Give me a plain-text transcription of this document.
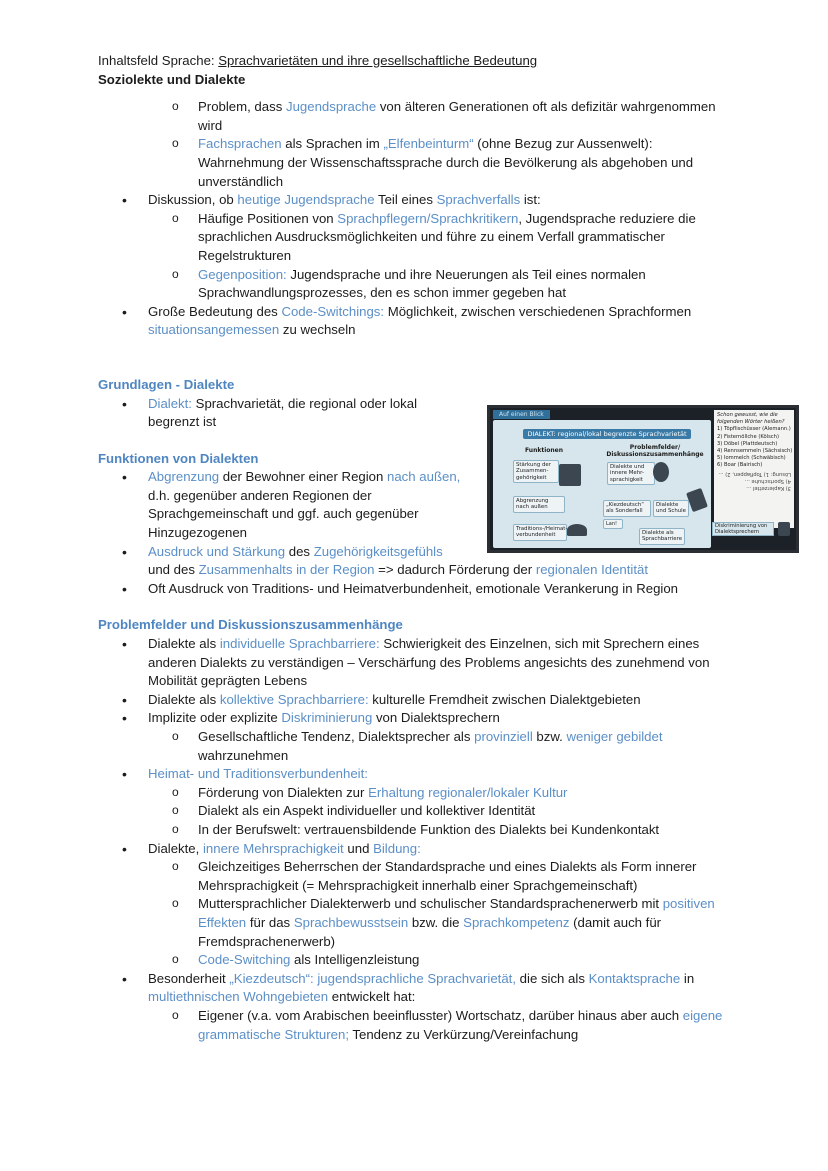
Inhaltsfeld Sprache: Sprachvarietäten und ihre gesellschaftliche Bedeutung
Soziolekte und Dialekte
o Problem, dass Jugendsprache von älteren Generationen oft als defizitär wahrgenommen wird
o Fachsprachen als Sprachen im „Elfenbeinturm“ (ohne Bezug zur Aussenwelt): Wahrnehmung der Wissenschaftssprache durch die Bevölkerung als abgehoben und unverständlich
• Diskussion, ob heutige Jugendsprache Teil eines Sprachverfalls ist:
o Häufige Positionen von Sprachpflegern/Sprachkritikern, Jugendsprache reduziere die sprachlichen Ausdrucksmöglichkeiten und führe zu einem Verfall grammatischer Regelstrukturen
o Gegenposition: Jugendsprache und ihre Neuerungen als Teil eines normalen Sprachwandlungsprozesses, den es schon immer gegeben hat
• Große Bedeutung des Code-Switchings: Möglichkeit, zwischen verschiedenen Sprachformen situationsangemessen zu wechseln
Grundlagen - Dialekte
• Dialekt: Sprachvarietät, die regional oder lokal begrenzt ist
Funktionen von Dialekten
• Abgrenzung der Bewohner einer Region nach außen, d.h. gegenüber anderen Regionen der Sprachgemeinschaft und ggf. auch gegenüber Hinzugezogenen
• Ausdruck und Stärkung des Zugehörigkeitsgefühls
und des Zusammenhalts in der Region => dadurch Förderung der regionalen Identität
• Oft Ausdruck von Traditions- und Heimatverbundenheit, emotionale Verankerung in Region
Problemfelder und Diskussionszusammenhänge
• Dialekte als individuelle Sprachbarriere: Schwierigkeit des Einzelnen, sich mit Sprechern eines anderen Dialekts zu verständigen – Verschärfung des Problems angesichts des zunehmend von Mobilität geprägten Lebens
• Dialekte als kollektive Sprachbarriere: kulturelle Fremdheit zwischen Dialektgebieten
• Implizite oder explizite Diskriminierung von Dialektsprechern
o Gesellschaftliche Tendenz, Dialektsprecher als provinziell bzw. weniger gebildet wahrzunehmen
• Heimat- und Traditionsverbundenheit:
o Förderung von Dialekten zur Erhaltung regionaler/lokaler Kultur
o Dialekt als ein Aspekt individueller und kollektiver Identität
o In der Berufswelt: vertrauensbildende Funktion des Dialekts bei Kundenkontakt
• Dialekte, innere Mehrsprachigkeit und Bildung:
o Gleichzeitiges Beherrschen der Standardsprache und eines Dialekts als Form innerer Mehrsprachigkeit (= Mehrsprachigkeit innerhalb einer Sprachgemeinschaft)
o Muttersprachlicher Dialekterwerb und schulischer Standardsprachenerwerb mit positiven Effekten für das Sprachbewusstsein bzw. die Sprachkompetenz (damit auch für Fremdsprachenerwerb)
o Code-Switching als Intelligenzleistung
• Besonderheit „Kiezdeutsch“: jugendsprachliche Sprachvarietät, die sich als Kontaktsprache in multiethnischen Wohngebieten entwickelt hat:
o Eigener (v.a. vom Arabischen beeinflusster) Wortschatz, darüber hinaus aber auch eigene grammatische Strukturen; Tendenz zu Verkürzung/Vereinfachung
Auf einen Blick
DIALEKT: regional/lokal begrenzte Sprachvarietät
Funktionen	Problemfelder/ Diskussionszusammenhänge
Stärkung der Zusammen-gehörigkeit
Abgrenzung nach außen
Traditions-/Heimat-verbundenheit
Dialekte und innere Mehr-sprachigkeit
„Kiezdeutsch“ als Sonderfall
Lan!
Dialekte und Schule
Dialekte als Sprachbarriere
Schon gewusst, wie die folgenden Wörter heißen?
1) Töpflischüsser (Alemann.)
2) Fisternöllche (Kölsch)
3) Döbel (Plattdeutsch)
4) Rennsemmeln (Sächsisch)
5) Iommelch (Schwäbisch)
6) Boar (Bairisch)
Lösung: 1) Topflappen, 2) ...
4) Sportschuhe ...
3) Kapierzettel ...
Diskriminierung von Dialektsprechern
